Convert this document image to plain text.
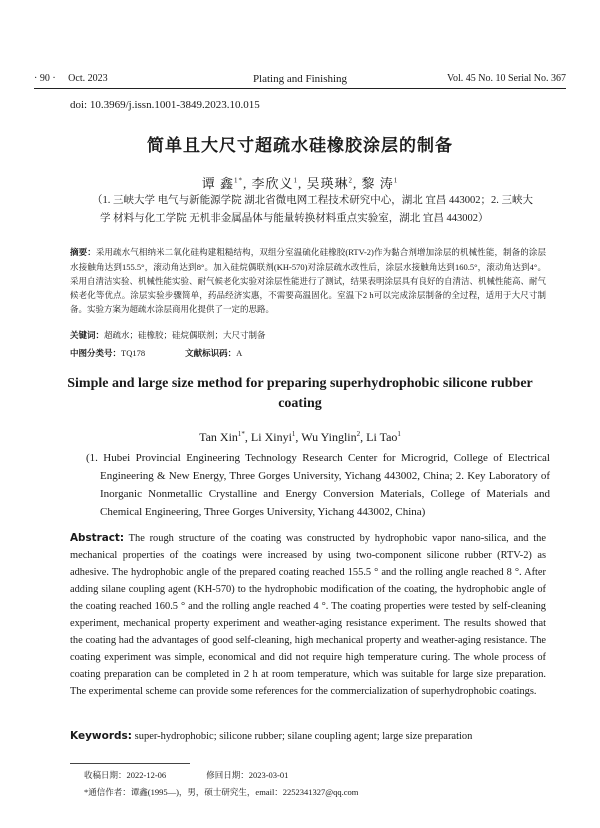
· 90 · Oct. 2023	Plating and Finishing	Vol. 45 No. 10 Serial No. 367
doi: 10.3969/j.issn.1001-3849.2023.10.015
简单且大尺寸超疏水硅橡胶涂层的制备
谭 鑫$^{1*}$, 李欣义$^1$, 吴瑛琳$^2$, 黎 涛$^1$
（1. 三峡大学 电气与新能源学院 湖北省微电网工程技术研究中心，湖北 宜昌 443002；2. 三峡大学 材料与化工学院 无机非金属晶体与能量转换材料重点实验室，湖北 宜昌 443002）
摘要：采用疏水气相纳米二氧化硅构建粗糙结构，双组分室温硫化硅橡胶(RTV-2)作为黏合剂增加涂层的机械性能，制备的涂层水接触角达到155.5°，滚动角达到8°。加入硅烷偶联剂(KH-570)对涂层疏水改性后，涂层水接触角达到160.5°，滚动角达到4°。采用自清洁实验、机械性能实验、耐气候老化实验对涂层性能进行了测试，结果表明涂层具有良好的自清洁、机械性能高、耐气候老化等优点。涂层实验步骤简单，药品经济实惠，不需要高温固化。室温下2 h可以完成涂层制备的全过程，适用于大尺寸制备。实验方案为超疏水涂层商用化提供了一定的思路。
关键词：超疏水；硅橡胶；硅烷偶联剂；大尺寸制备
中图分类号：TQ178	文献标识码：A
Simple and large size method for preparing superhydrophobic silicone rubber coating
Tan Xin$^{1*}$, Li Xinyi$^1$, Wu Yinglin$^2$, Li Tao$^1$
(1. Hubei Provincial Engineering Technology Research Center for Microgrid, College of Electrical Engineering & New Energy, Three Gorges University, Yichang 443002, China; 2. Key Laboratory of Inorganic Nonmetallic Crystalline and Energy Conversion Materials, College of Materials and Chemical Engineering, Three Gorges University, Yichang 443002, China)
Abstract: The rough structure of the coating was constructed by hydrophobic vapor nano-silica, and the mechanical properties of the coatings were increased by using two-component silicone rubber (RTV-2) as adhesive. The hydrophobic angle of the prepared coating reached 155.5 ° and the rolling angle reached 8 °. After adding silane coupling agent (KH-570) to the hydrophobic modification of the coating, the hydrophobic angle of the coating reached 160.5 ° and the rolling angle reached 4 °. The coating properties were tested by self-cleaning experiment, mechanical property experiment and weather-aging resistance experiment. The results showed that the coating had the advantages of good self-cleaning, high mechanical property and weather-aging resistance. The coating experiment was simple, economical and did not require high temperature curing. The whole process of coating preparation can be completed in 2 h at room temperature, which was suitable for large size preparation. The experimental scheme can provide some references for the commercialization of superhydrophobic coatings.
Keywords: super-hydrophobic; silicone rubber; silane coupling agent; large size preparation
收稿日期：2022-12-06	修回日期：2023-03-01
*通信作者：谭鑫(1995—)，男，硕士研究生，email：2252341327@qq.com
